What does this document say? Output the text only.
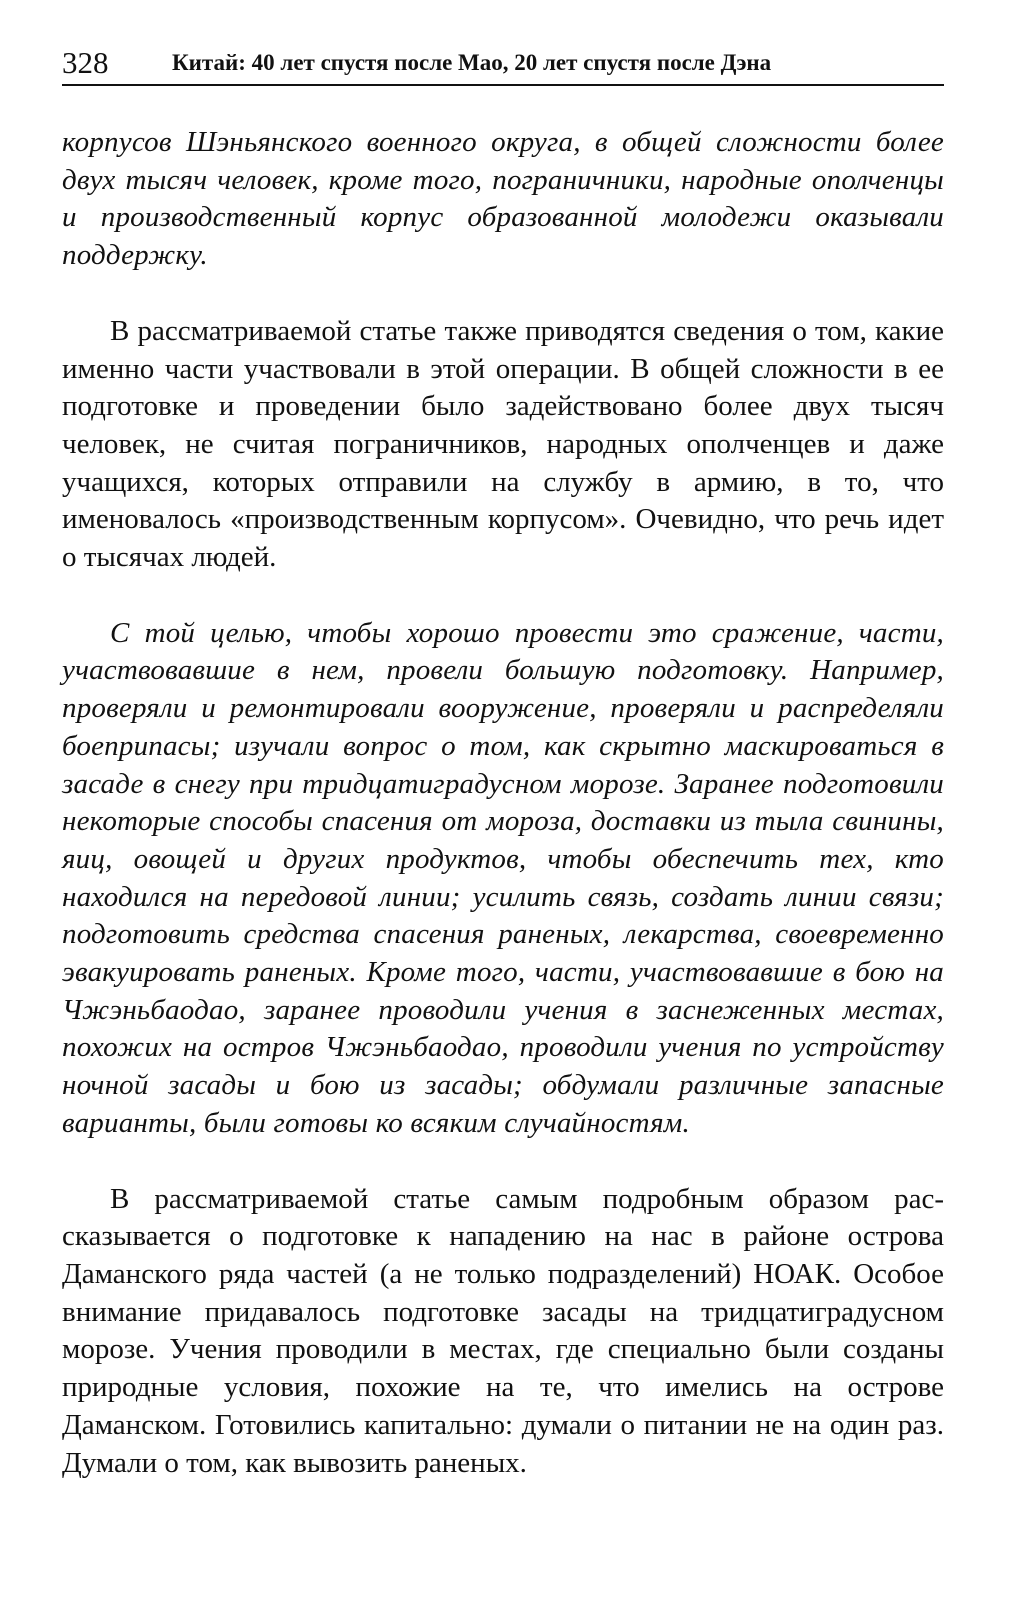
328	Китай: 40 лет спустя после Мао, 20 лет спустя после Дэна

корпусов Шэньянского военного округа, в общей сложности более двух тысяч человек, кроме того, пограничники, народные ополченцы и производственный корпус образованной молодежи оказывали поддержку.

В рассматриваемой статье также приводятся сведения о том, какие именно части участвовали в этой операции. В общей сложности в ее подготовке и проведении было задействовано более двух тысяч человек, не считая пограничников, народных ополченцев и даже учащихся, которых отправили на службу в армию, в то, что именовалось «производственным корпусом». Очевидно, что речь идет о тысячах людей.

С той целью, чтобы хорошо провести это сражение, части, участвовавшие в нем, провели большую подготовку. Например, проверяли и ремонтировали вооружение, проверяли и распределяли боеприпасы; изучали вопрос о том, как скрытно маскироваться в засаде в снегу при тридцатиградусном морозе. Заранее подготовили некоторые способы спасения от мороза, доставки из тыла свинины, яиц, овощей и других продуктов, чтобы обеспечить тех, кто находился на передовой линии; усилить связь, создать линии связи; подготовить средства спасения раненых, лекарства, своевременно эвакуировать раненых. Кроме того, части, участвовавшие в бою на Чжэньбаодао, заранее проводили учения в заснеженных местах, похожих на остров Чжэньбаодао, проводили учения по устройству ночной засады и бою из засады; обдумали различные запасные варианты, были готовы ко всяким случайностям.

В рассматриваемой статье самым подробным образом рассказывается о подготовке к нападению на нас в районе острова Даманского ряда частей (а не только подразделений) НОАК. Особое внимание придавалось подготовке засады на тридцатиградусном морозе. Учения проводили в местах, где специально были созданы природные условия, похожие на те, что имелись на острове Даманском. Готовились капитально: думали о питании не на один раз. Думали о том, как вывозить раненых.
